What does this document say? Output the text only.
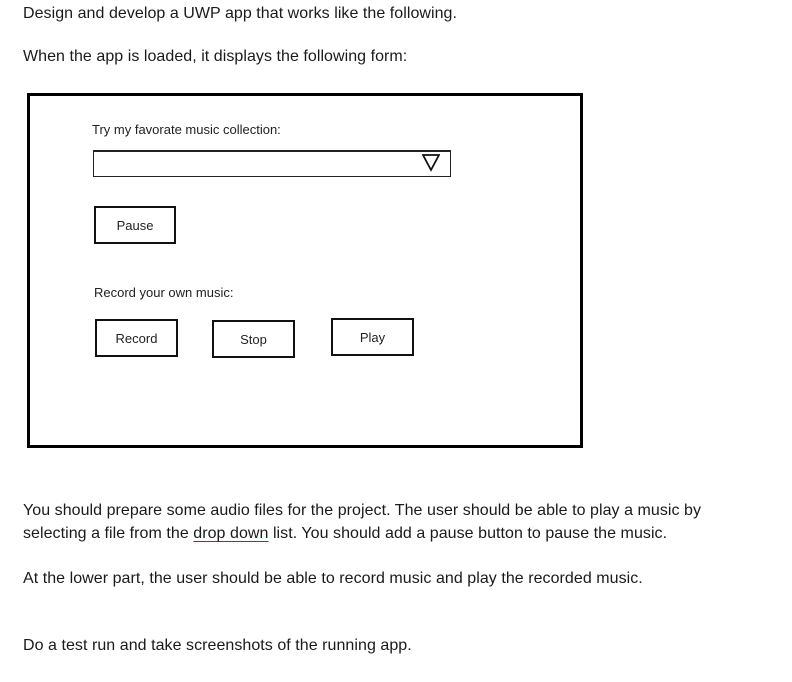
Design and develop a UWP app that works like the following.

When the app is loaded, it displays the following form:

Try my favorate music collection:

Pause

Record your own music:

Record	Stop	Play

You should prepare some audio files for the project. The user should be able to play a music by selecting a file from the drop down list. You should add a pause button to pause the music.

At the lower part, the user should be able to record music and play the recorded music.

Do a test run and take screenshots of the running app.
